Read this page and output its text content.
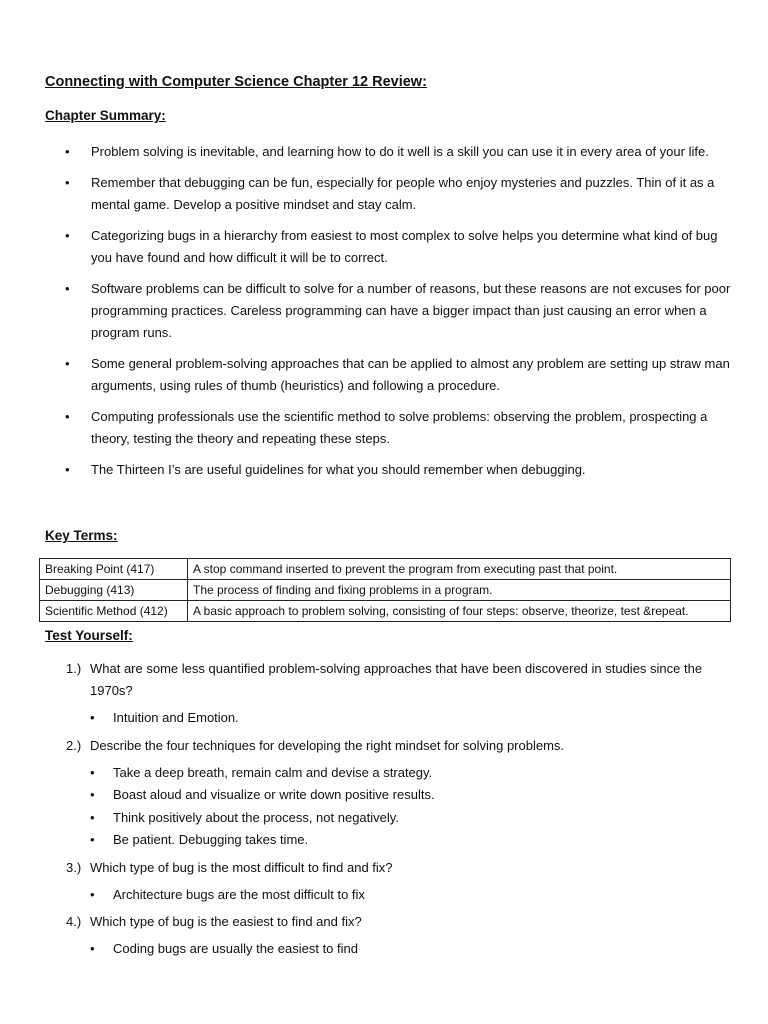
Connecting with Computer Science Chapter 12 Review:
Chapter Summary:
• Problem solving is inevitable, and learning how to do it well is a skill you can use it in every area of your life.
• Remember that debugging can be fun, especially for people who enjoy mysteries and puzzles. Thin of it as a mental game. Develop a positive mindset and stay calm.
• Categorizing bugs in a hierarchy from easiest to most complex to solve helps you determine what kind of bug you have found and how difficult it will be to correct.
• Software problems can be difficult to solve for a number of reasons, but these reasons are not excuses for poor programming practices. Careless programming can have a bigger impact than just causing an error when a program runs.
• Some general problem-solving approaches that can be applied to almost any problem are setting up straw man arguments, using rules of thumb (heuristics) and following a procedure.
• Computing professionals use the scientific method to solve problems: observing the problem, prospecting a theory, testing the theory and repeating these steps.
• The Thirteen I’s are useful guidelines for what you should remember when debugging.
Key Terms:
Breaking Point (417)	A stop command inserted to prevent the program from executing past that point.
Debugging (413)	The process of finding and fixing problems in a program.
Scientific Method (412)	A basic approach to problem solving, consisting of four steps: observe, theorize, test &repeat.
Test Yourself:
1.) What are some less quantified problem-solving approaches that have been discovered in studies since the 1970s?
• Intuition and Emotion.
2.) Describe the four techniques for developing the right mindset for solving problems.
• Take a deep breath, remain calm and devise a strategy.
• Boast aloud and visualize or write down positive results.
• Think positively about the process, not negatively.
• Be patient. Debugging takes time.
3.) Which type of bug is the most difficult to find and fix?
• Architecture bugs are the most difficult to fix
4.) Which type of bug is the easiest to find and fix?
• Coding bugs are usually the easiest to find
